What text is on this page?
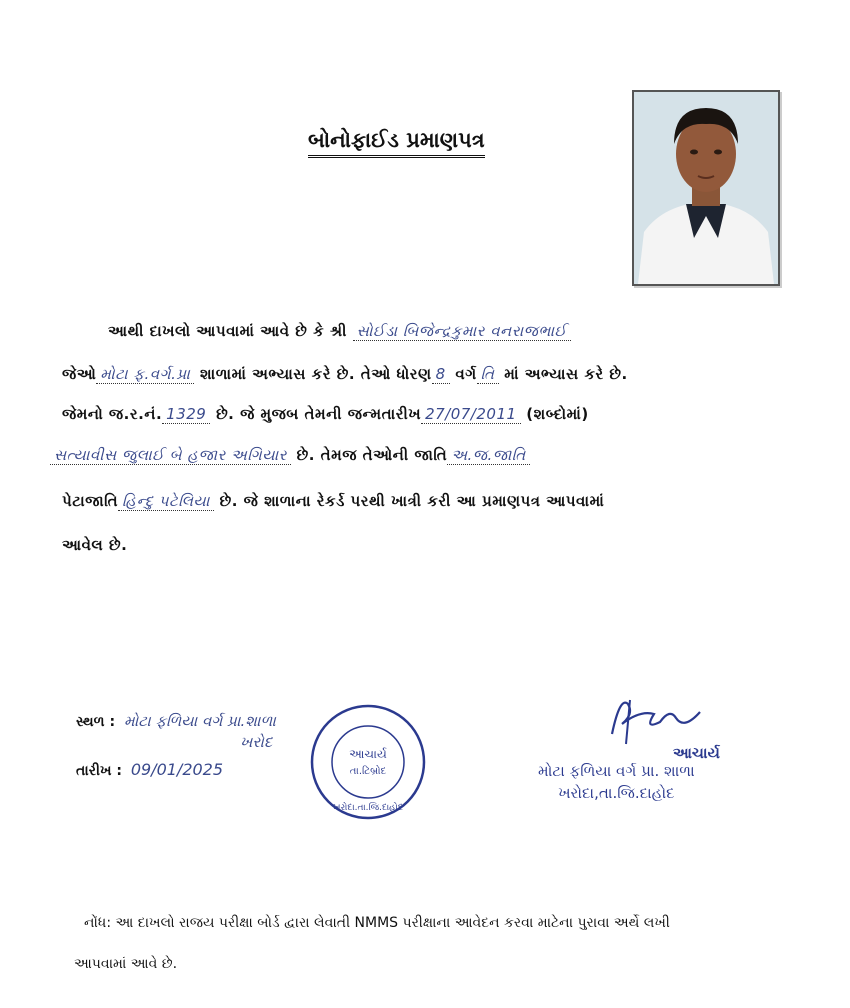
બોનોફાઈડ પ્રમાણપત્ર
આથી દાખલો આપવામાં આવે છે કે શ્રી સોઈડા બિજેન્દ્રકુમાર વનરાજભાઈ
જેઓ મોટા ફ.વર્ગ.પ્રા શાળામાં અભ્યાસ કરે છે. તેઓ ધોરણ 8 વર્ગ તિ માં અભ્યાસ કરે છે.
જેમનો જ.ર.નં. 1329 છે. જે મુજબ તેમની જન્મતારીખ 27/07/2011 (શબ્દોમાં)
સત્યાવીસ જુલાઈ બે હજાર અગિયાર છે. તેમજ તેઓની જાતિ અ.જ.જાતિ
પેટાજાતિ હિન્દુ પટેલિયા છે. જે શાળાના રેકર્ડ પરથી ખાત્રી કરી આ પ્રમાણપત્ર આપવામાં
આવેલ છે.
સ્થળ : મોટા ફળિયા વર્ગ પ્રા.શાળા
ખરોદ
તારીખ : 09/01/2025
આચાર્ય
તા.ટિબ્રોદ
ખરોદા.તા.જિ.દાહોદ
આચાર્ય
મોટા ફળિયા વર્ગ પ્રા. શાળા
ખરોદા,તા.જિ.દાહોદ
નોંધ: આ દાખલો રાજય પરીક્ષા બોર્ડ દ્વારા લેવાતી NMMS પરીક્ષાના આવેદન કરવા માટેના પુરાવા અર્થે લખી
આપવામાં આવે છે.
